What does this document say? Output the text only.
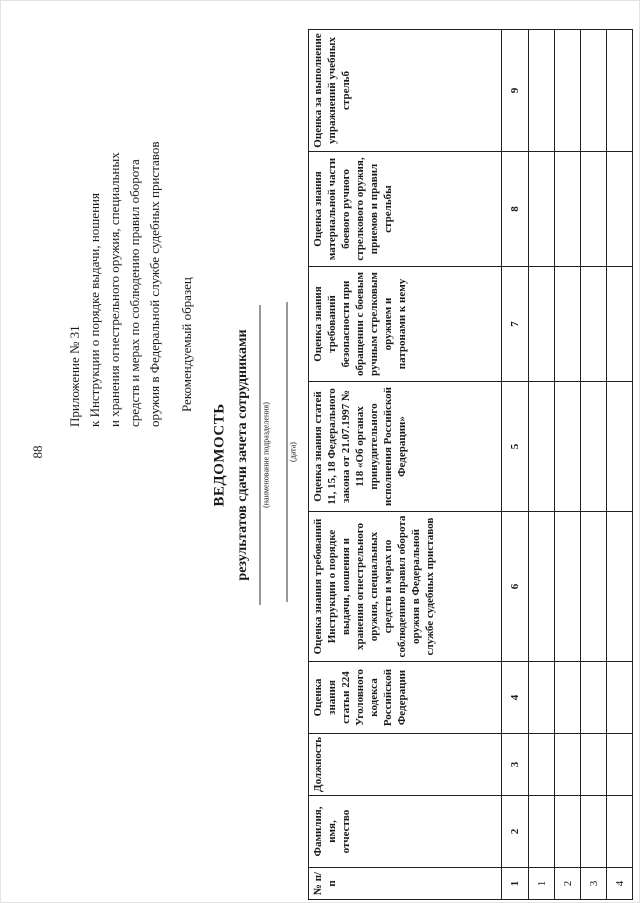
88
Приложение № 31 к Инструкции о порядке выдачи, ношения и хранения огнестрельного оружия, специальных средств и мерах по соблюдению правил оборота оружия в Федеральной службе судебных приставов Рекомендуемый образец
ВЕДОМОСТЬ результатов сдачи зачета сотрудниками (наименование подразделения) (дата)
№ п/п	Фамилия, имя, отчество	Должность	Оценка знания статьи 224 Уголовного кодекса Российской Федерации	Оценка знания требований Инструкции о порядке выдачи, ношения и хранения огнестрельного оружия, специальных средств и мерах по соблюдению правил оборота оружия в Федеральной службе судебных приставов	Оценка знания статей 11, 15, 18 Федерального закона от 21.07.1997 № 118 «Об органах принудительного исполнения Российской Федерации»	Оценка знания требований безопасности при обращении с боевым ручным стрелковым оружием и патронами к нему	Оценка знания материальной части боевого ручного стрелкового оружия, приемов и правил стрельбы	Оценка за выполнение упражнений учебных стрельб
1	2	3	4	6	5	7	8	9
1								
2								
3								
4								
